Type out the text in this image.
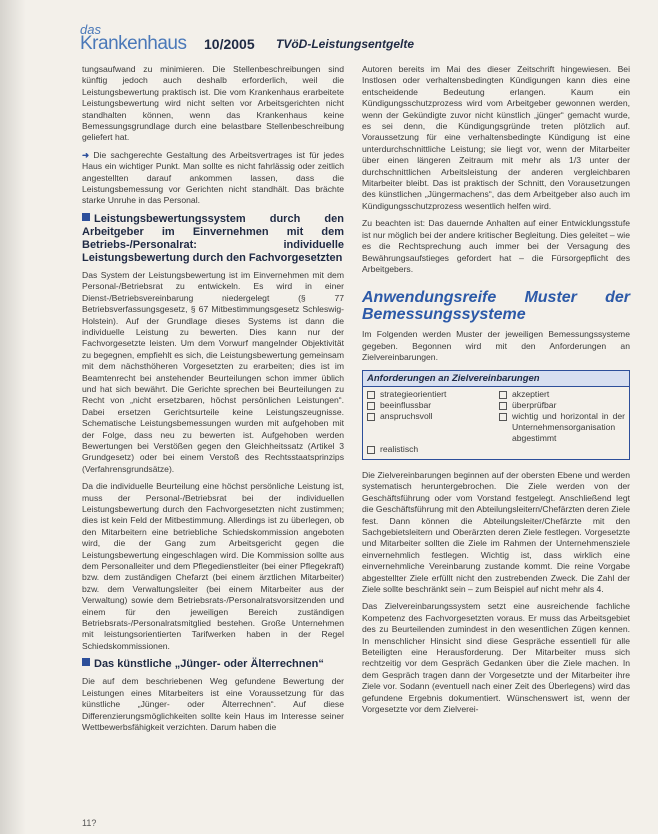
das
Krankenhaus 10/2005 TVöD-Leistungsentgelte

tungsaufwand zu minimieren. Die Stellenbeschreibungen sind künftig jedoch auch deshalb erforderlich, weil die Leistungsbewertung praktisch ist. Die vom Krankenhaus erarbeitete Leistungsbewertung wird nicht selten vor Arbeitsgerichten nicht standhalten können, wenn das Krankenhaus keine Bemessungsgrundlage durch eine belastbare Stellenbeschreibung geliefert hat.

➜ Die sachgerechte Gestaltung des Arbeitsvertrages ist für jedes Haus ein wichtiger Punkt. Man sollte es nicht fahrlässig oder zeitlich angestellten darauf ankommen lassen, dass die Leistungsbemessung vor Gerichten nicht standhält. Das brächte starke Unruhe in das Personal.

Leistungsbewertungssystem durch den Arbeitgeber im Einvernehmen mit dem Betriebs-/Personalrat: individuelle Leistungsbewertung durch den Fachvorgesetzten

Das System der Leistungsbewertung ist im Einvernehmen mit dem Personal-/Betriebsrat zu entwickeln. Es wird in einer Dienst-/Betriebsvereinbarung niedergelegt (§ 77 Betriebsverfassungsgesetz, § 67 Mitbestimmungsgesetz Schleswig-Holstein). Auf der Grundlage dieses Systems ist dann die individuelle Leistung zu bewerten. Dies kann nur der Fachvorgesetzte leisten. Um dem Vorwurf mangelnder Objektivität zu begegnen, empfiehlt es sich, die Leistungsbewertung gemeinsam mit dem nächsthöheren Vorgesetzten zu erarbeiten; dies ist im Beamtenrecht bei anstehender Beurteilungen schon immer üblich und hat sich bewährt. Die Gerichte sprechen bei Beurteilungen zu Recht von „nicht ersetzbaren, höchst persönlichen Leistungen“. Dabei ersetzen Gerichtsurteile keine Leistungszeugnisse. Schematische Leistungsbemessungen wurden mit aufgehoben mit der Folge, dass neu zu bewerten ist. Aufgehoben werden Bewertungen bei Verstößen gegen den Gleichheitssatz (Artikel 3 Grundgesetz) oder bei einem Verstoß des Rechtsstaatsprinzips (Verfahrensgrundsätze).

Da die individuelle Beurteilung eine höchst persönliche Leistung ist, muss der Personal-/Betriebsrat bei der individuellen Leistungsbewertung durch den Fachvorgesetzten nicht zustimmen; dies ist kein Feld der Mitbestimmung. Allerdings ist zu überlegen, ob den Mitarbeitern eine betriebliche Schiedskommission angeboten wird, die der Gang zum Arbeitsgericht gegen die Leistungsbewertung eingeschlagen wird. Die Kommission sollte aus dem Personalleiter und dem Pflegedienstleiter (bei einer Pflegekraft) bzw. dem zuständigen Chefarzt (bei einem ärztlichen Mitarbeiter) bzw. dem Verwaltungsleiter (bei einem Mitarbeiter aus der Verwaltung) sowie dem Betriebsrats-/Personalratsvorsitzenden und einem für den jeweiligen Bereich zuständigen Betriebsrats-/Personalratsmitglied bestehen. Große Unternehmen mit leistungsorientierten Tarifwerken haben in der Regel Schiedskommissionen.

Das künstliche „Jünger- oder Älterrechnen“

Die auf dem beschriebenen Weg gefundene Bewertung der Leistungen eines Mitarbeiters ist eine Voraussetzung für das künstliche „Jünger- oder Älterrechnen“. Auf diese Differenzierungsmöglichkeiten sollte kein Haus im Interesse seiner Wettbewerbsfähigkeit verzichten. Darum haben die

Autoren bereits im Mai des dieser Zeitschrift hingewiesen. Bei Instlosen oder verhaltensbedingten Kündigungen kann dies eine entscheidende Bedeutung erlangen. Kaum ein Kündigungsschutzprozess wird vom Arbeitgeber gewonnen werden, wenn der Gekündigte zuvor nicht künstlich „jünger“ gemacht wurde, es sei denn, die Kündigungsgründe treten plötzlich auf. Voraussetzung für eine verhaltensbedingte Kündigung ist eine unterdurchschnittliche Leistung; sie liegt vor, wenn der Mitarbeiter über einen längeren Zeitraum mit mehr als 1/3 unter der durchschnittlichen Arbeitsleistung der anderen vergleichbaren Mitarbeiter bleibt. Das ist praktisch der Schnitt, den Vorausetzungen des künstlichen „Jüngermachens“, das dem Arbeitgeber also auch im Kündigungsschutzprozess wesentlich helfen wird.

Zu beachten ist: Das dauernde Anhalten auf einer Entwicklungsstufe ist nur möglich bei der andere kritischer Begleitung. Dies geleitet – wie es die Rechtsprechung auch immer bei der Versagung des Bewährungsaufstieges gefordert hat – die Fürsorgepflicht des Arbeitgebers.

Anwendungsreife Muster der Bemessungssysteme

Im Folgenden werden Muster der jeweiligen Bemessungssysteme gegeben. Begonnen wird mit den Anforderungen an Zielvereinbarungen.

Anforderungen an Zielvereinbarungen
strategieorientiert	akzeptiert
beeinflussbar	überprüfbar
anspruchsvoll	wichtig und horizontal in der Unternehmensorganisation abgestimmt
realistisch

Die Zielvereinbarungen beginnen auf der obersten Ebene und werden systematisch heruntergebrochen. Die Ziele werden von der Geschäftsführung oder vom Vorstand festgelegt. Anschließend legt die Geschäftsführung mit den Abteilungsleitern/Chefärzten deren Ziele fest. Dann können die Abteilungsleiter/Chefärzte mit den Sachgebietsleitern und Oberärzten deren Ziele festlegen. Vorgesetzte und Mitarbeiter sollten die Ziele im Rahmen der Unternehmensziele einvernehmlich festlegen. Wichtig ist, dass wirklich eine einvernehmliche Vereinbarung zustande kommt. Die reine Vorgabe abgestellter Ziele erfüllt nicht den zustrebenden Zweck. Die Zahl der Ziele sollte beschränkt sein – zum Beispiel auf nicht mehr als 4.

Das Zielvereinbarungssystem setzt eine ausreichende fachliche Kompetenz des Fachvorgesetzten voraus. Er muss das Arbeitsgebiet des zu Beurteilenden zumindest in den wesentlichen Zügen kennen. In menschlicher Hinsicht sind diese Gespräche essentiell für alle Beteiligten eine Herausforderung. Der Mitarbeiter muss sich rechtzeitig vor dem Gespräch Gedanken über die Ziele machen. In dem Gespräch tragen dann der Vorgesetzte und der Mitarbeiter ihre Ziele vor. Sodann (eventuell nach einer Zeit des Überlegens) wird das gefundene Ergebnis dokumentiert. Wünschenswert ist, wenn der Vorgesetzte vor dem Zielverei-

11?
